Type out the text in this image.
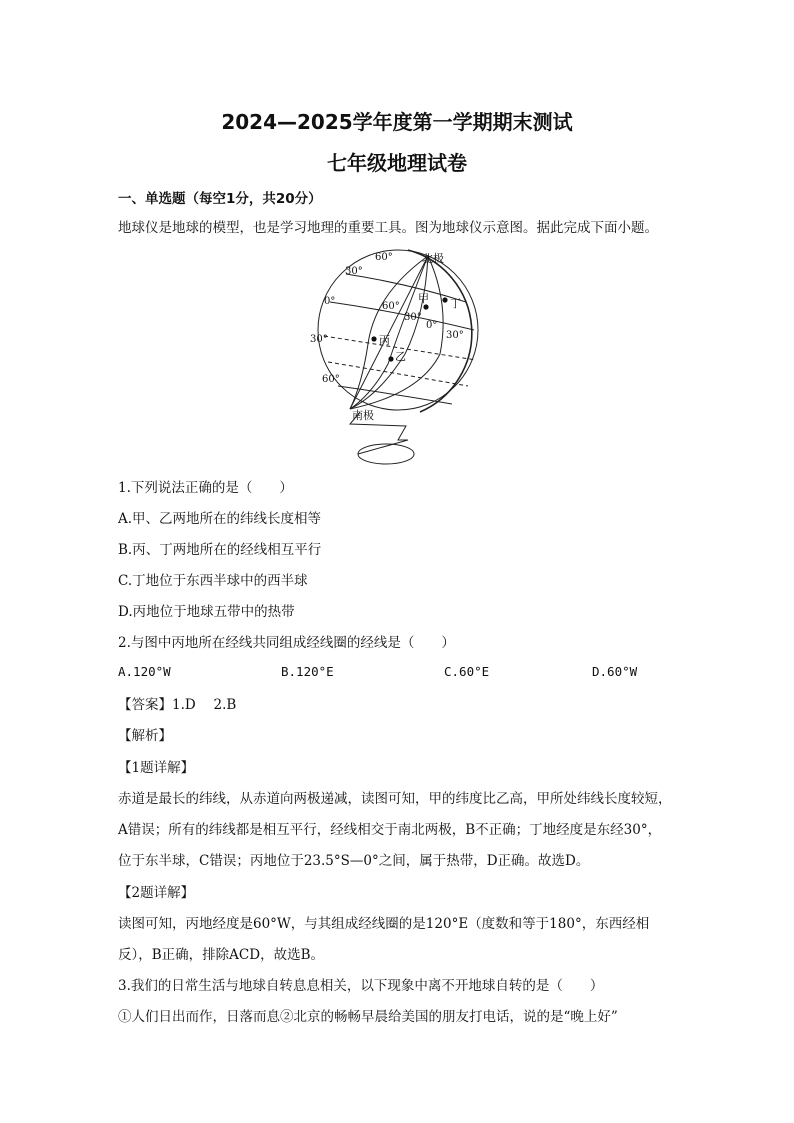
2024—2025学年度第一学期期末测试
七年级地理试卷
一、单选题（每空1分，共20分）
地球仪是地球的模型，也是学习地理的重要工具。图为地球仪示意图。据此完成下面小题。
北极
南极
60°
30°
0°
30°
60°
60°
30°
0°
30°
甲 丁
丙
乙
1.下列说法正确的是（　　）
A.甲、乙两地所在的纬线长度相等
B.丙、丁两地所在的经线相互平行
C.丁地位于东西半球中的西半球
D.丙地位于地球五带中的热带
2.与图中丙地所在经线共同组成经线圈的经线是（　　）
A.120°W	B.120°E	C.60°E	D.60°W
【答案】1.D　 2.B
【解析】
【1题详解】
赤道是最长的纬线，从赤道向两极递减，读图可知，甲的纬度比乙高，甲所处纬线长度较短，
A错误；所有的纬线都是相互平行，经线相交于南北两极，B不正确；丁地经度是东经30°，
位于东半球，C错误；丙地位于23.5°S—0°之间，属于热带，D正确。故选D。
【2题详解】
读图可知，丙地经度是60°W，与其组成经线圈的是120°E（度数和等于180°，东西经相
反），B正确，排除ACD，故选B。
3.我们的日常生活与地球自转息息相关，以下现象中离不开地球自转的是（　　）
①人们日出而作，日落而息②北京的畅畅早晨给美国的朋友打电话，说的是“晚上好”
